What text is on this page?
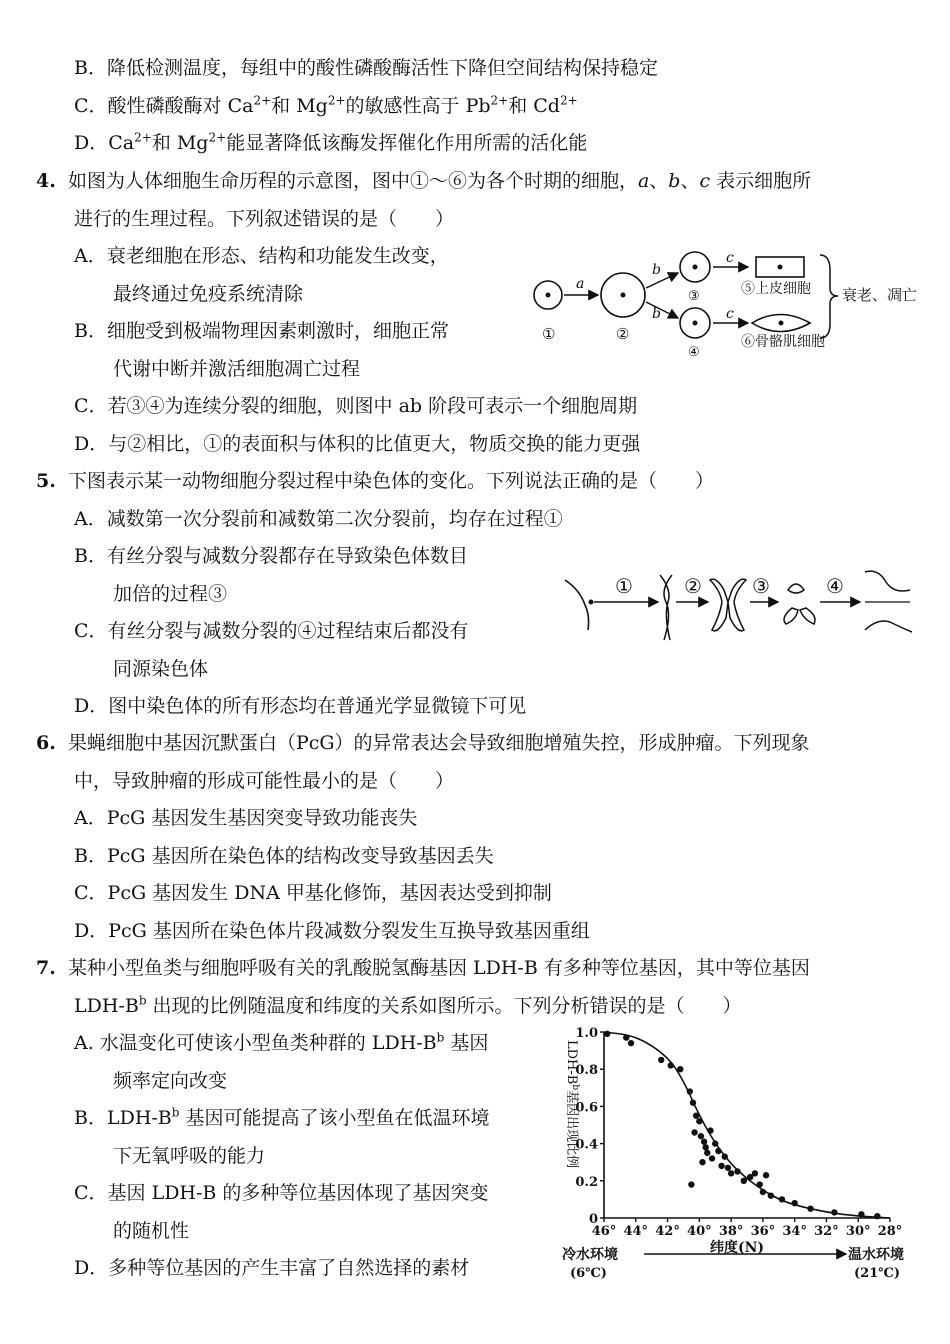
B．降低检测温度，每组中的酸性磷酸酶活性下降但空间结构保持稳定
C．酸性磷酸酶对 $Ca^{2+}$和 $Mg^{2+}$的敏感性高于 $Pb^{2+}$和 $Cd^{2+}$
D．$Ca^{2+}$和 $Mg^{2+}$能显著降低该酶发挥催化作用所需的活化能
4. 如图为人体细胞生命历程的示意图，图中①～⑥为各个时期的细胞，a、b、c 表示细胞所
进行的生理过程。下列叙述错误的是（　　）
A．衰老细胞在形态、结构和功能发生改变，
最终通过免疫系统清除
B．细胞受到极端物理因素刺激时，细胞正常
代谢中断并激活细胞凋亡过程
C．若③④为连续分裂的细胞，则图中 ab 阶段可表示一个细胞周期
D．与②相比，①的表面积与体积的比值更大，物质交换的能力更强
①
a
②
b
b
③
④
c
c
⑤上皮细胞
⑥骨骼肌细胞
衰老、凋亡
5. 下图表示某一动物细胞分裂过程中染色体的变化。下列说法正确的是（　　）
A．减数第一次分裂前和减数第二次分裂前，均存在过程①
B．有丝分裂与减数分裂都存在导致染色体数目
加倍的过程③
C．有丝分裂与减数分裂的④过程结束后都没有
同源染色体
D．图中染色体的所有形态均在普通光学显微镜下可见
①	②	③	④
6. 果蝇细胞中基因沉默蛋白（PcG）的异常表达会导致细胞增殖失控，形成肿瘤。下列现象
中，导致肿瘤的形成可能性最小的是（　　）
A．PcG 基因发生基因突变导致功能丧失
B．PcG 基因所在染色体的结构改变导致基因丢失
C．PcG 基因发生 DNA 甲基化修饰，基因表达受到抑制
D．PcG 基因所在染色体片段减数分裂发生互换导致基因重组
7. 某种小型鱼类与细胞呼吸有关的乳酸脱氢酶基因 LDH-B 有多种等位基因，其中等位基因
LDH-$B^b$ 出现的比例随温度和纬度的关系如图所示。下列分析错误的是（　　）
A. 水温变化可使该小型鱼类种群的 LDH-$B^b$ 基因
频率定向改变
B．LDH-$B^b$ 基因可能提高了该小型鱼在低温环境
下无氧呼吸的能力
C．基因 LDH-B 的多种等位基因体现了基因突变
的随机性
D．多种等位基因的产生丰富了自然选择的素材
LDH-$B^b$基因出现比例
0
0.2
0.4
0.6
0.8
1.0
46° 44° 42° 40° 38° 36° 34° 32° 30° 28°
纬度(N)
冷水环境
(6℃)
温水环境
(21℃)
